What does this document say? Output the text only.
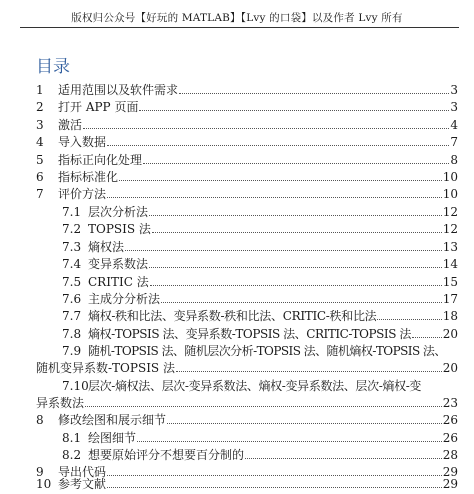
版权归公众号【好玩的 MATLAB】【Lvy 的口袋】以及作者 Lvy 所有
目录
1	适用范围以及软件需求	3
2	打开 APP 页面	3
3	激活	4
4	导入数据	7
5	指标正向化处理	8
6	指标标准化	10
7	评价方法	10
7.1 层次分析法	12
7.2 TOPSIS 法	12
7.3 熵权法	13
7.4 变异系数法	14
7.5 CRITIC 法	15
7.6 主成分分析法	17
7.7 熵权-秩和比法、变异系数-秩和比法、CRITIC-秩和比法	18
7.8 熵权-TOPSIS 法、变异系数-TOPSIS 法、CRITIC-TOPSIS 法	20
7.9 随机-TOPSIS 法、随机层次分析-TOPSIS 法、随机熵权-TOPSIS 法、
随机变异系数-TOPSIS 法	20
7.10层次-熵权法、层次-变异系数法、熵权-变异系数法、层次-熵权-变
异系数法	23
8	修改绘图和展示细节	26
8.1 绘图细节	26
8.2 想要原始评分不想要百分制的	28
9	导出代码	29
10 参考文献	29
